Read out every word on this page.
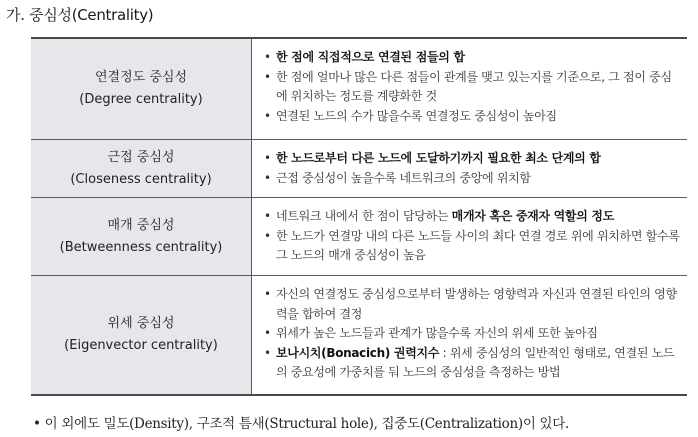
가. 중심성(Centrality)
연결정도 중심성
(Degree centrality)
• 한 점에 직접적으로 연결된 점들의 합
• 한 점에 얼마나 많은 다른 점들이 관계를 맺고 있는지를 기준으로, 그 점이 중심에 위치하는 정도를 계량화한 것
• 연결된 노드의 수가 많을수록 연결정도 중심성이 높아짐
근접 중심성
(Closeness centrality)
• 한 노드로부터 다른 노드에 도달하기까지 필요한 최소 단계의 합
• 근접 중심성이 높을수록 네트워크의 중앙에 위치함
매개 중심성
(Betweenness centrality)
• 네트워크 내에서 한 점이 담당하는 매개자 혹은 중재자 역할의 정도
• 한 노드가 연결망 내의 다른 노드들 사이의 최다 연결 경로 위에 위치하면 할수록 그 노드의 매개 중심성이 높음
위세 중심성
(Eigenvector centrality)
• 자신의 연결정도 중심성으로부터 발생하는 영향력과 자신과 연결된 타인의 영향력을 합하여 결정
• 위세가 높은 노드들과 관계가 많을수록 자신의 위세 또한 높아짐
• 보나시치(Bonacich) 권력지수 : 위세 중심성의 일반적인 형태로, 연결된 노드의 중요성에 가중치를 둬 노드의 중심성을 측정하는 방법
• 이 외에도 밀도(Density), 구조적 틈새(Structural hole), 집중도(Centralization)이 있다.
